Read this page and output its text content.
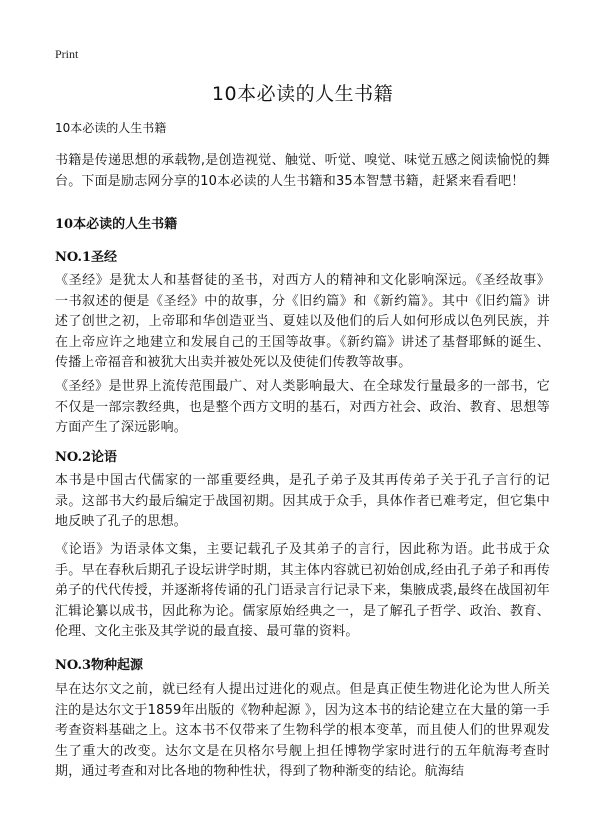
Print
10本必读的人生书籍

10本必读的人生书籍

书籍是传递思想的承载物,是创造视觉、触觉、听觉、嗅觉、味觉五感之阅读愉悦的舞台。下面是励志网分享的10本必读的人生书籍和35本智慧书籍，赶紧来看看吧！

10本必读的人生书籍
NO.1圣经

《圣经》是犹太人和基督徒的圣书，对西方人的精神和文化影响深远。《圣经故事》一书叙述的便是《圣经》中的故事，分《旧约篇》和《新约篇》。其中《旧约篇》讲述了创世之初，上帝耶和华创造亚当、夏娃以及他们的后人如何形成以色列民族，并在上帝应许之地建立和发展自己的王国等故事。《新约篇》讲述了基督耶稣的诞生、传播上帝福音和被犹大出卖并被处死以及使徒们传教等故事。

《圣经》是世界上流传范围最广、对人类影响最大、在全球发行量最多的一部书，它不仅是一部宗教经典，也是整个西方文明的基石，对西方社会、政治、教育、思想等方面产生了深远影响。

NO.2论语

本书是中国古代儒家的一部重要经典，是孔子弟子及其再传弟子关于孔子言行的记录。这部书大约最后编定于战国初期。因其成于众手，具体作者已难考定，但它集中地反映了孔子的思想。

《论语》为语录体文集，主要记载孔子及其弟子的言行，因此称为语。此书成于众手。早在春秋后期孔子设坛讲学时期，其主体内容就已初始创成,经由孔子弟子和再传弟子的代代传授，并逐渐将传诵的孔门语录言行记录下来，集腋成裘,最终在战国初年汇辑论纂以成书，因此称为论。儒家原始经典之一，是了解孔子哲学、政治、教育、伦理、文化主张及其学说的最直接、最可靠的资料。

NO.3物种起源

早在达尔文之前，就已经有人提出过进化的观点。但是真正使生物进化论为世人所关注的是达尔文于1859年出版的《物种起源 》，因为这本书的结论建立在大量的第一手考查资料基础之上。这本书不仅带来了生物科学的根本变革，而且使人们的世界观发生了重大的改变。达尔文是在贝格尔号舰上担任博物学家时进行的五年航海考查时期，通过考查和对比各地的物种性状，得到了物种渐变的结论。航海结
